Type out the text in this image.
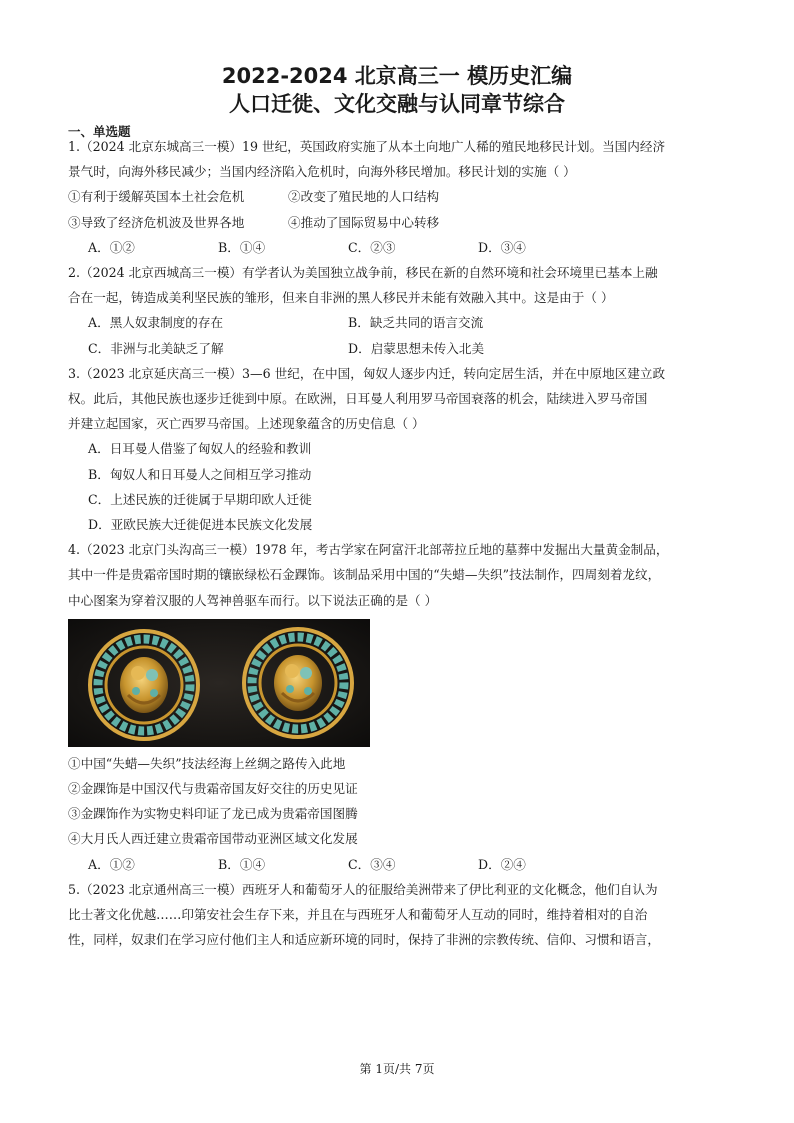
2022-2024 北京高三一 模历史汇编
人口迁徙、文化交融与认同章节综合
一、单选题
1.（2024 北京东城高三一模）19 世纪，英国政府实施了从本土向地广人稀的殖民地移民计划。当国内经济
景气时，向海外移民减少；当国内经济陷入危机时，向海外移民增加。移民计划的实施（ ）
①有利于缓解英国本土社会危机	②改变了殖民地的人口结构
③导致了经济危机波及世界各地	④推动了国际贸易中心转移
A．①②	B．①④	C．②③	D．③④
2.（2024 北京西城高三一模）有学者认为美国独立战争前，移民在新的自然环境和社会环境里已基本上融
合在一起，铸造成美利坚民族的雏形，但来自非洲的黑人移民并未能有效融入其中。这是由于（ ）
A．黑人奴隶制度的存在	B．缺乏共同的语言交流
C．非洲与北美缺乏了解	D．启蒙思想未传入北美
3.（2023 北京延庆高三一模）3—6 世纪，在中国，匈奴人逐步内迁，转向定居生活，并在中原地区建立政
权。此后，其他民族也逐步迁徙到中原。在欧洲，日耳曼人利用罗马帝国衰落的机会，陆续进入罗马帝国
并建立起国家，灭亡西罗马帝国。上述现象蕴含的历史信息（ ）
A．日耳曼人借鉴了匈奴人的经验和教训
B．匈奴人和日耳曼人之间相互学习推动
C．上述民族的迁徙属于早期印欧人迁徙
D．亚欧民族大迁徙促进本民族文化发展
4.（2023 北京门头沟高三一模）1978 年，考古学家在阿富汗北部蒂拉丘地的墓葬中发掘出大量黄金制品，
其中一件是贵霜帝国时期的镶嵌绿松石金踝饰。该制品采用中国的“失蜡—失织”技法制作，四周刻着龙纹，
中心图案为穿着汉服的人驾神兽驱车而行。以下说法正确的是（ ）
①中国“失蜡—失织”技法经海上丝绸之路传入此地
②金踝饰是中国汉代与贵霜帝国友好交往的历史见证
③金踝饰作为实物史料印证了龙已成为贵霜帝国图腾
④大月氏人西迁建立贵霜帝国带动亚洲区域文化发展
A．①②	B．①④	C．③④	D．②④
5.（2023 北京通州高三一模）西班牙人和葡萄牙人的征服给美洲带来了伊比利亚的文化概念，他们自认为
比士著文化优越……印第安社会生存下来，并且在与西班牙人和葡萄牙人互动的同时，维持着相对的自治
性，同样，奴隶们在学习应付他们主人和适应新环境的同时，保持了非洲的宗教传统、信仰、习惯和语言，
第 1页/共 7页
